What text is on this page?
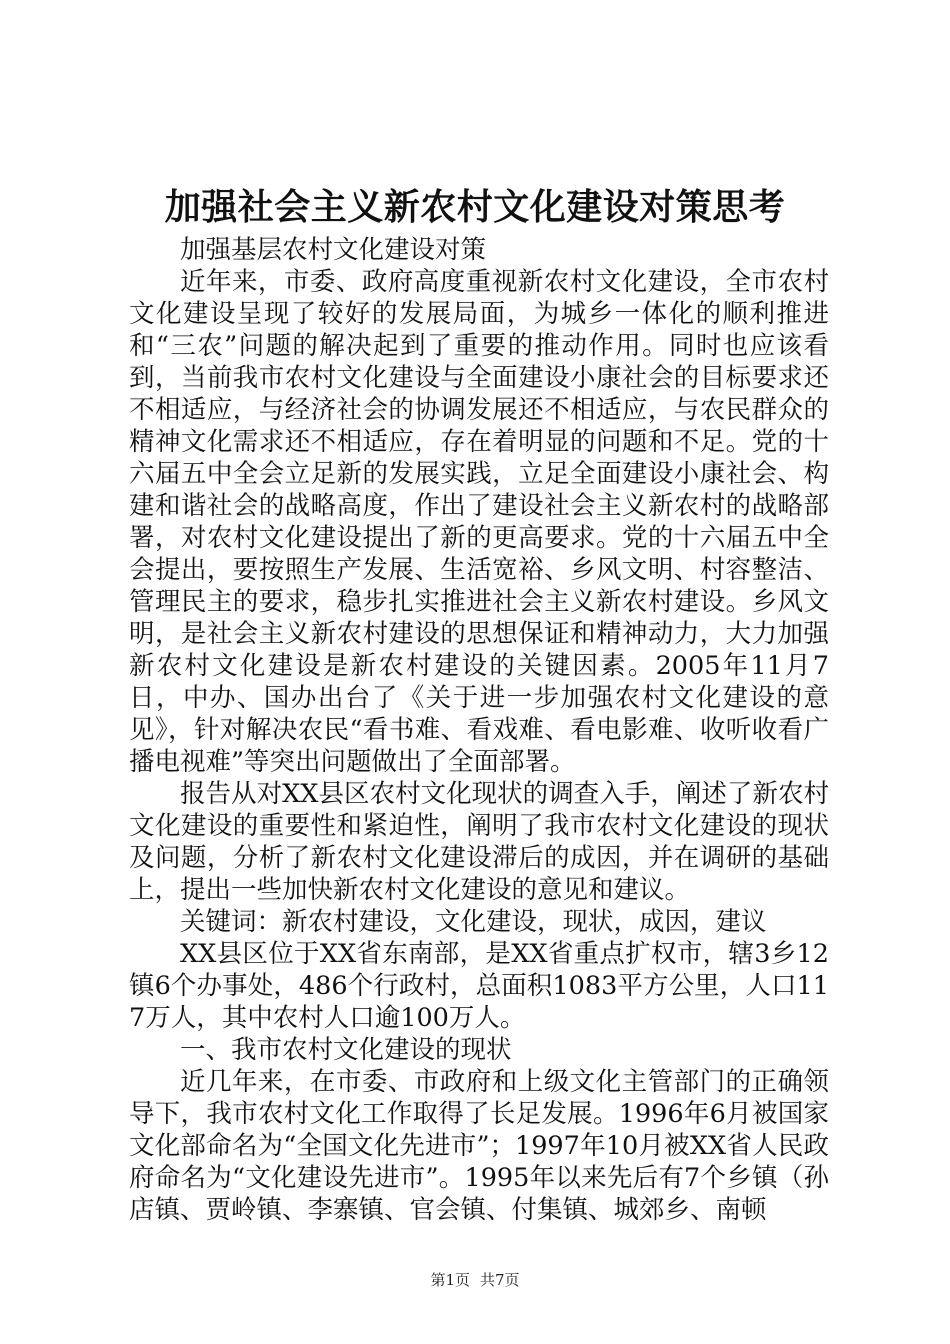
加强社会主义新农村文化建设对策思考

加强基层农村文化建设对策

近年来，市委、政府高度重视新农村文化建设，全市农村文化建设呈现了较好的发展局面，为城乡一体化的顺利推进和“三农”问题的解决起到了重要的推动作用。同时也应该看到，当前我市农村文化建设与全面建设小康社会的目标要求还不相适应，与经济社会的协调发展还不相适应，与农民群众的精神文化需求还不相适应，存在着明显的问题和不足。党的十六届五中全会立足新的发展实践，立足全面建设小康社会、构建和谐社会的战略高度，作出了建设社会主义新农村的战略部署，对农村文化建设提出了新的更高要求。党的十六届五中全会提出，要按照生产发展、生活宽裕、乡风文明、村容整洁、管理民主的要求，稳步扎实推进社会主义新农村建设。乡风文明，是社会主义新农村建设的思想保证和精神动力，大力加强新农村文化建设是新农村建设的关键因素。2005年11月7日，中办、国办出台了《关于进一步加强农村文化建设的意见》，针对解决农民“看书难、看戏难、看电影难、收听收看广播电视难”等突出问题做出了全面部署。

报告从对XX县区农村文化现状的调查入手，阐述了新农村文化建设的重要性和紧迫性，阐明了我市农村文化建设的现状及问题，分析了新农村文化建设滞后的成因，并在调研的基础上，提出一些加快新农村文化建设的意见和建议。

关键词：新农村建设，文化建设，现状，成因，建议

XX县区位于XX省东南部，是XX省重点扩权市，辖3乡12镇6个办事处，486个行政村，总面积1083平方公里，人口117万人，其中农村人口逾100万人。

一、我市农村文化建设的现状

近几年来，在市委、市政府和上级文化主管部门的正确领导下，我市农村文化工作取得了长足发展。1996年6月被国家文化部命名为“全国文化先进市”；1997年10月被XX省人民政府命名为“文化建设先进市”。1995年以来先后有7个乡镇（孙店镇、贾岭镇、李寨镇、官会镇、付集镇、城郊乡、南顿

第1页 共7页
